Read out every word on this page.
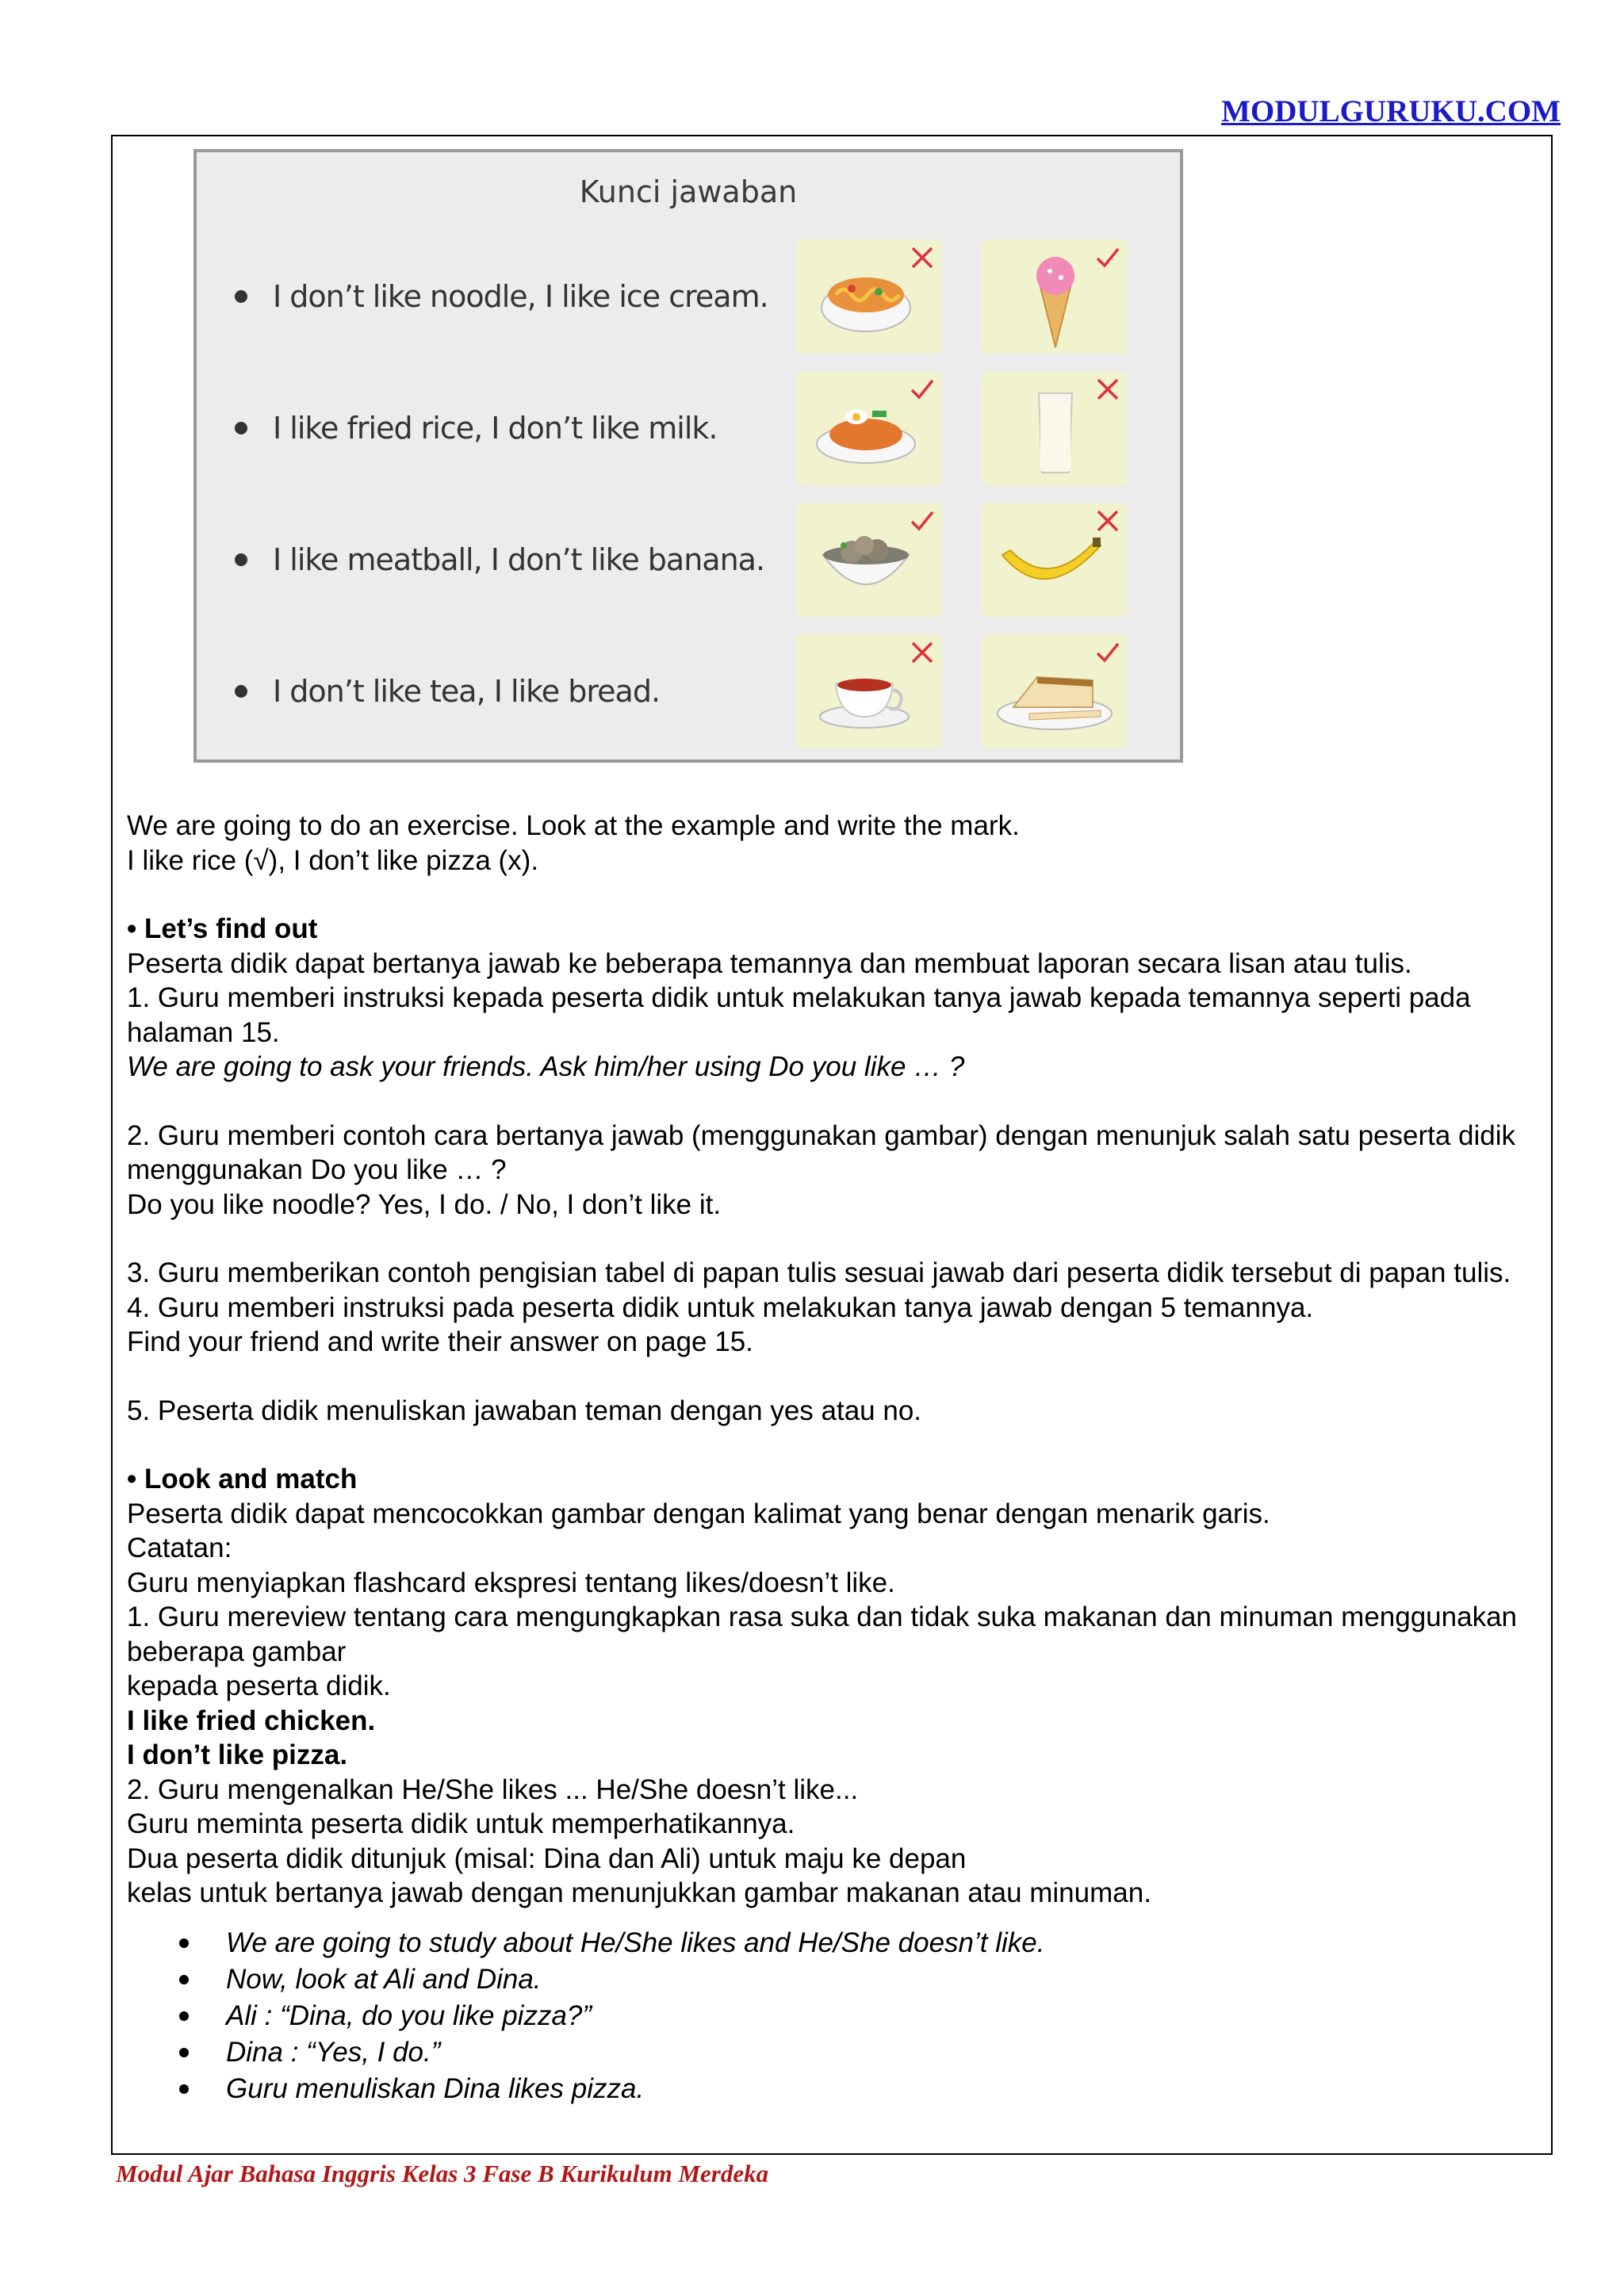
MODULGURUKU.COM
Kunci jawaban
I don’t like noodle, I like ice cream.
I like fried rice, I don’t like milk.
I like meatball, I don’t like banana.
I don’t like tea, I like bread.

We are going to do an exercise. Look at the example and write the mark.

I like rice (√), I don’t like pizza (x).

• Let’s find out

Peserta didik dapat bertanya jawab ke beberapa temannya dan membuat laporan secara lisan atau tulis.

1. Guru memberi instruksi kepada peserta didik untuk melakukan tanya jawab kepada temannya seperti pada halaman 15.

We are going to ask your friends. Ask him/her using Do you like … ?

2. Guru memberi contoh cara bertanya jawab (menggunakan gambar) dengan menunjuk salah satu peserta didik menggunakan Do you like … ?

Do you like noodle? Yes, I do. / No, I don’t like it.

3. Guru memberikan contoh pengisian tabel di papan tulis sesuai jawab dari peserta didik tersebut di papan tulis.

4. Guru memberi instruksi pada peserta didik untuk melakukan tanya jawab dengan 5 temannya.

Find your friend and write their answer on page 15.

5. Peserta didik menuliskan jawaban teman dengan yes atau no.

• Look and match

Peserta didik dapat mencocokkan gambar dengan kalimat yang benar dengan menarik garis.

Catatan:

Guru menyiapkan flashcard ekspresi tentang likes/doesn’t like.

1. Guru mereview tentang cara mengungkapkan rasa suka dan tidak suka makanan dan minuman menggunakan beberapa gambar

kepada peserta didik.

I like fried chicken.

I don’t like pizza.

2. Guru mengenalkan He/She likes ... He/She doesn’t like...

Guru meminta peserta didik untuk memperhatikannya.

Dua peserta didik ditunjuk (misal: Dina dan Ali) untuk maju ke depan

kelas untuk bertanya jawab dengan menunjukkan gambar makanan atau minuman.

We are going to study about He/She likes and He/She doesn’t like.
Now, look at Ali and Dina.
Ali : “Dina, do you like pizza?”
Dina : “Yes, I do.”
Guru menuliskan Dina likes pizza.
Modul Ajar Bahasa Inggris Kelas 3 Fase B Kurikulum Merdeka
